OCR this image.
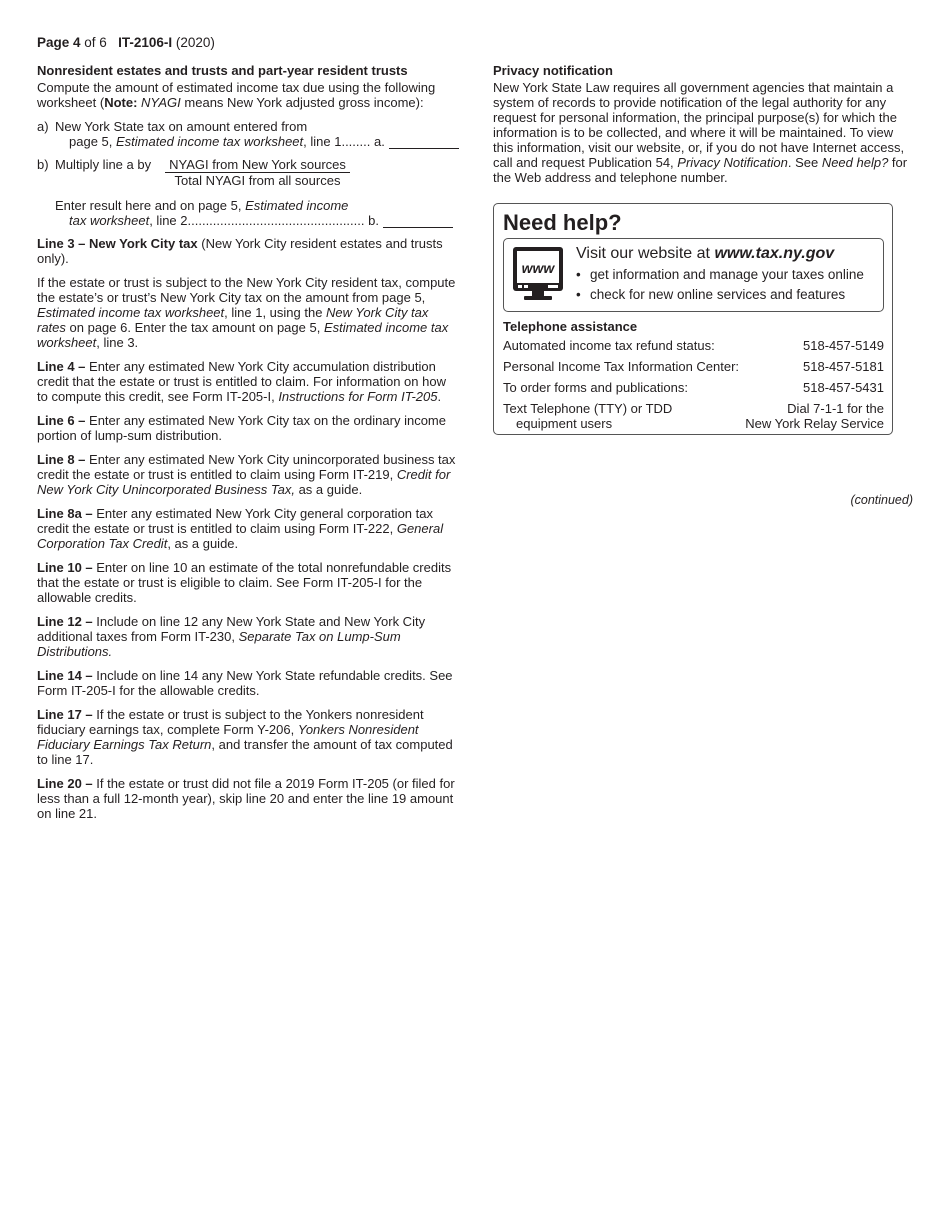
Page 4 of 6 IT-2106-I (2020)
Nonresident estates and trusts and part-year resident trusts

Compute the amount of estimated income tax due using the following worksheet (Note: NYAGI means New York adjusted gross income):

a) New York State tax on amount entered from
page 5, Estimated income tax worksheet, line 1........ a.
b) Multiply line a by $\frac{\text{NYAGI from New York sources}}{\text{Total NYAGI from all sources}}$
Enter result here and on page 5, Estimated income
tax worksheet, line 2................................................. b.

Line 3 – New York City tax (New York City resident estates and trusts only).

If the estate or trust is subject to the New York City resident tax, compute the estate’s or trust’s New York City tax on the amount from page 5, Estimated income tax worksheet, line 1, using the New York City tax rates on page 6. Enter the tax amount on page 5, Estimated income tax worksheet, line 3.

Line 4 – Enter any estimated New York City accumulation distribution credit that the estate or trust is entitled to claim. For information on how to compute this credit, see Form IT-205-I, Instructions for Form IT-205.

Line 6 – Enter any estimated New York City tax on the ordinary income portion of lump-sum distribution.

Line 8 – Enter any estimated New York City unincorporated business tax credit the estate or trust is entitled to claim using Form IT-219, Credit for New York City Unincorporated Business Tax, as a guide.

Line 8a – Enter any estimated New York City general corporation tax credit the estate or trust is entitled to claim using Form IT-222, General Corporation Tax Credit, as a guide.

Line 10 – Enter on line 10 an estimate of the total nonrefundable credits that the estate or trust is eligible to claim. See Form IT-205-I for the allowable credits.

Line 12 – Include on line 12 any New York State and New York City additional taxes from Form IT-230, Separate Tax on Lump-Sum Distributions.

Line 14 – Include on line 14 any New York State refundable credits. See Form IT-205-I for the allowable credits.

Line 17 – If the estate or trust is subject to the Yonkers nonresident fiduciary earnings tax, complete Form Y-206, Yonkers Nonresident Fiduciary Earnings Tax Return, and transfer the amount of tax computed to line 17.

Line 20 – If the estate or trust did not file a 2019 Form IT-205 (or filed for less than a full 12-month year), skip line 20 and enter the line 19 amount on line 21.

Privacy notification

New York State Law requires all government agencies that maintain a system of records to provide notification of the legal authority for any request for personal information, the principal purpose(s) for which the information is to be collected, and where it will be maintained. To view this information, visit our website, or, if you do not have Internet access, call and request Publication 54, Privacy Notification. See Need help? for the Web address and telephone number.

Need help?
www
Visit our website at www.tax.ny.gov
• get information and manage your taxes online
• check for new online services and features
Telephone assistance
Automated income tax refund status:	518-457-5149
Personal Income Tax Information Center:	518-457-5181
To order forms and publications:	518-457-5431
Text Telephone (TTY) or TDD
equipment users
Dial 7-1-1 for the
New York Relay Service
(continued)
